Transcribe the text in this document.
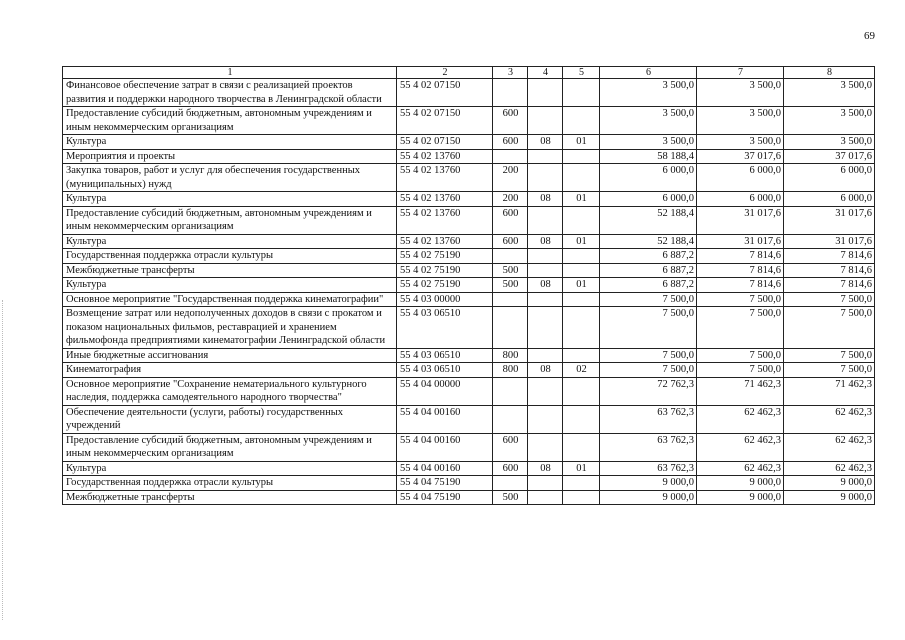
69
1	2	3	4	5	6	7	8
Финансовое обеспечение затрат в связи с реализацией проектов развития и поддержки народного творчества в Ленинградской области	55 4 02 07150				3 500,0	3 500,0	3 500,0
Предоставление субсидий бюджетным, автономным учреждениям и иным некоммерческим организациям	55 4 02 07150	600			3 500,0	3 500,0	3 500,0
Культура	55 4 02 07150	600	08	01	3 500,0	3 500,0	3 500,0
Мероприятия и проекты	55 4 02 13760				58 188,4	37 017,6	37 017,6
Закупка товаров, работ и услуг для обеспечения государственных (муниципальных) нужд	55 4 02 13760	200			6 000,0	6 000,0	6 000,0
Культура	55 4 02 13760	200	08	01	6 000,0	6 000,0	6 000,0
Предоставление субсидий бюджетным, автономным учреждениям и иным некоммерческим организациям	55 4 02 13760	600			52 188,4	31 017,6	31 017,6
Культура	55 4 02 13760	600	08	01	52 188,4	31 017,6	31 017,6
Государственная поддержка отрасли культуры	55 4 02 75190				6 887,2	7 814,6	7 814,6
Межбюджетные трансферты	55 4 02 75190	500			6 887,2	7 814,6	7 814,6
Культура	55 4 02 75190	500	08	01	6 887,2	7 814,6	7 814,6
Основное мероприятие "Государственная поддержка кинематографии"	55 4 03 00000				7 500,0	7 500,0	7 500,0
Возмещение затрат или недополученных доходов в связи с прокатом и показом национальных фильмов, реставрацией и хранением фильмофонда предприятиями кинематографии Ленинградской области	55 4 03 06510				7 500,0	7 500,0	7 500,0
Иные бюджетные ассигнования	55 4 03 06510	800			7 500,0	7 500,0	7 500,0
Кинематография	55 4 03 06510	800	08	02	7 500,0	7 500,0	7 500,0
Основное мероприятие "Сохранение нематериального культурного наследия, поддержка самодеятельного народного творчества"	55 4 04 00000				72 762,3	71 462,3	71 462,3
Обеспечение деятельности (услуги, работы) государственных учреждений	55 4 04 00160				63 762,3	62 462,3	62 462,3
Предоставление субсидий бюджетным, автономным учреждениям и иным некоммерческим организациям	55 4 04 00160	600			63 762,3	62 462,3	62 462,3
Культура	55 4 04 00160	600	08	01	63 762,3	62 462,3	62 462,3
Государственная поддержка отрасли культуры	55 4 04 75190				9 000,0	9 000,0	9 000,0
Межбюджетные трансферты	55 4 04 75190	500			9 000,0	9 000,0	9 000,0
